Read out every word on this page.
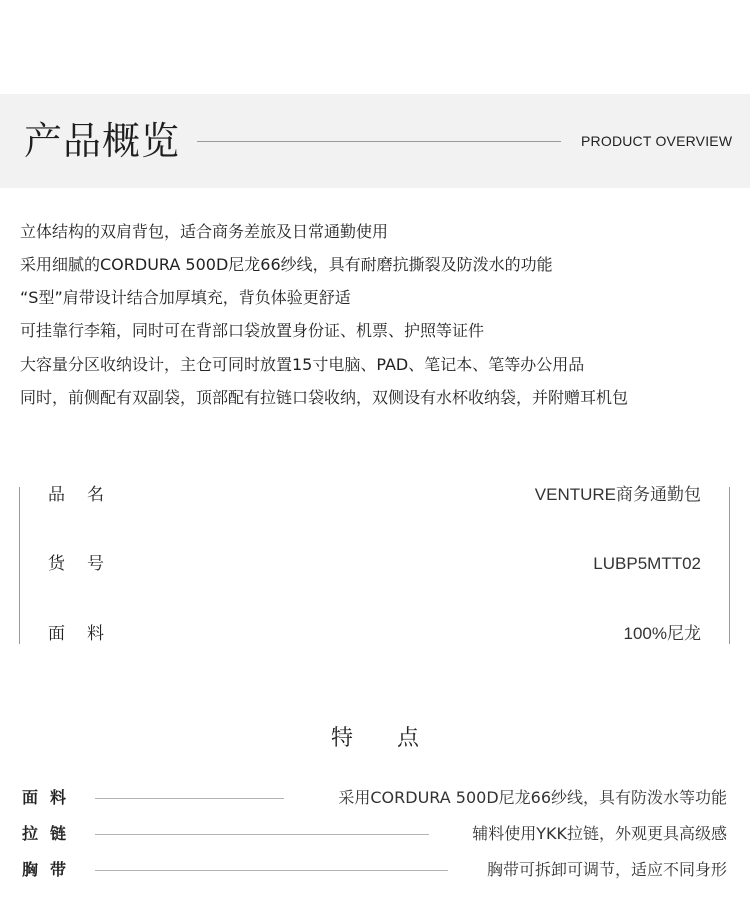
产品概览	PRODUCT OVERVIEW
立体结构的双肩背包，适合商务差旅及日常通勤使用
采用细腻的CORDURA 500D尼龙66纱线，具有耐磨抗撕裂及防泼水的功能
“S型”肩带设计结合加厚填充，背负体验更舒适
可挂靠行李箱，同时可在背部口袋放置身份证、机票、护照等证件
大容量分区收纳设计，主仓可同时放置15寸电脑、PAD、笔记本、笔等办公用品
同时，前侧配有双副袋，顶部配有拉链口袋收纳，双侧设有水杯收纳袋，并附赠耳机包
品名	VENTURE商务通勤包
货号	LUBP5MTT02
面料	100%尼龙
特点
面料	采用CORDURA 500D尼龙66纱线，具有防泼水等功能
拉链	辅料使用YKK拉链，外观更具高级感
胸带	胸带可拆卸可调节，适应不同身形
